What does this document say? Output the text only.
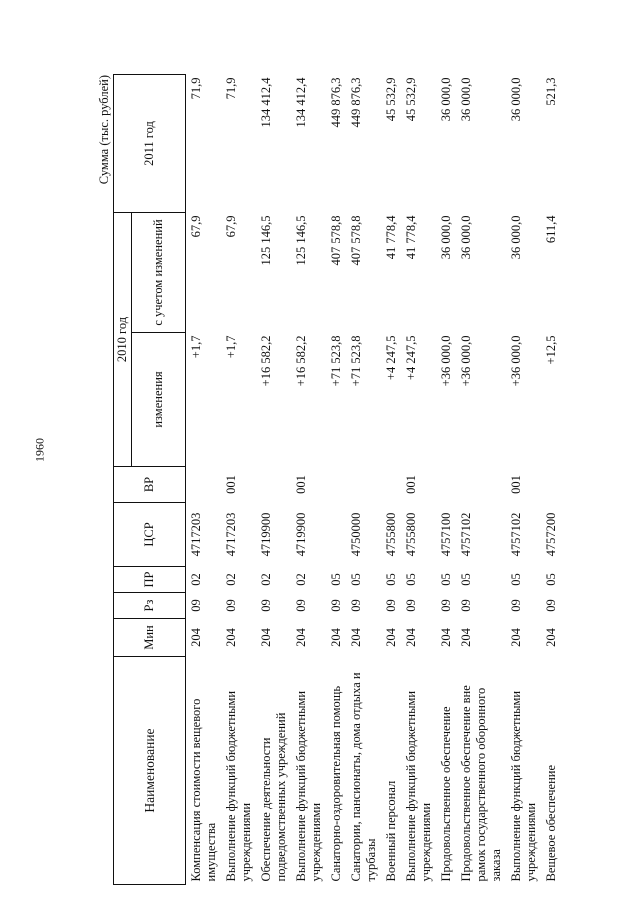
1960
Сумма (тыс. рублей)
Наименование	Мин	Рз	ПР	ЦСР	ВР	2010 год		2011 год
						изменения	с учетом изменений	
Компенсация стоимости вещевого имущества	204	09	02	4717203		+1,7	67,9	71,9
Выполнение функций бюджетными учреждениями	204	09	02	4717203	001	+1,7	67,9	71,9
Обеспечение деятельности подведомственных учреждений	204	09	02	4719900		+16 582,2	125 146,5	134 412,4
Выполнение функций бюджетными учреждениями	204	09	02	4719900	001	+16 582,2	125 146,5	134 412,4
Санаторно-оздоровительная помощь	204	09	05			+71 523,8	407 578,8	449 876,3
Санатории, пансионаты, дома отдыха и турбазы	204	09	05	4750000		+71 523,8	407 578,8	449 876,3
Военный персонал	204	09	05	4755800		+4 247,5	41 778,4	45 532,9
Выполнение функций бюджетными учреждениями	204	09	05	4755800	001	+4 247,5	41 778,4	45 532,9
Продовольственное обеспечение	204	09	05	4757100		+36 000,0	36 000,0	36 000,0
Продовольственное обеспечение вне рамок государственного оборонного заказа	204	09	05	4757102		+36 000,0	36 000,0	36 000,0
Выполнение функций бюджетными учреждениями	204	09	05	4757102	001	+36 000,0	36 000,0	36 000,0
Вещевое обеспечение	204	09	05	4757200		+12,5	611,4	521,3
